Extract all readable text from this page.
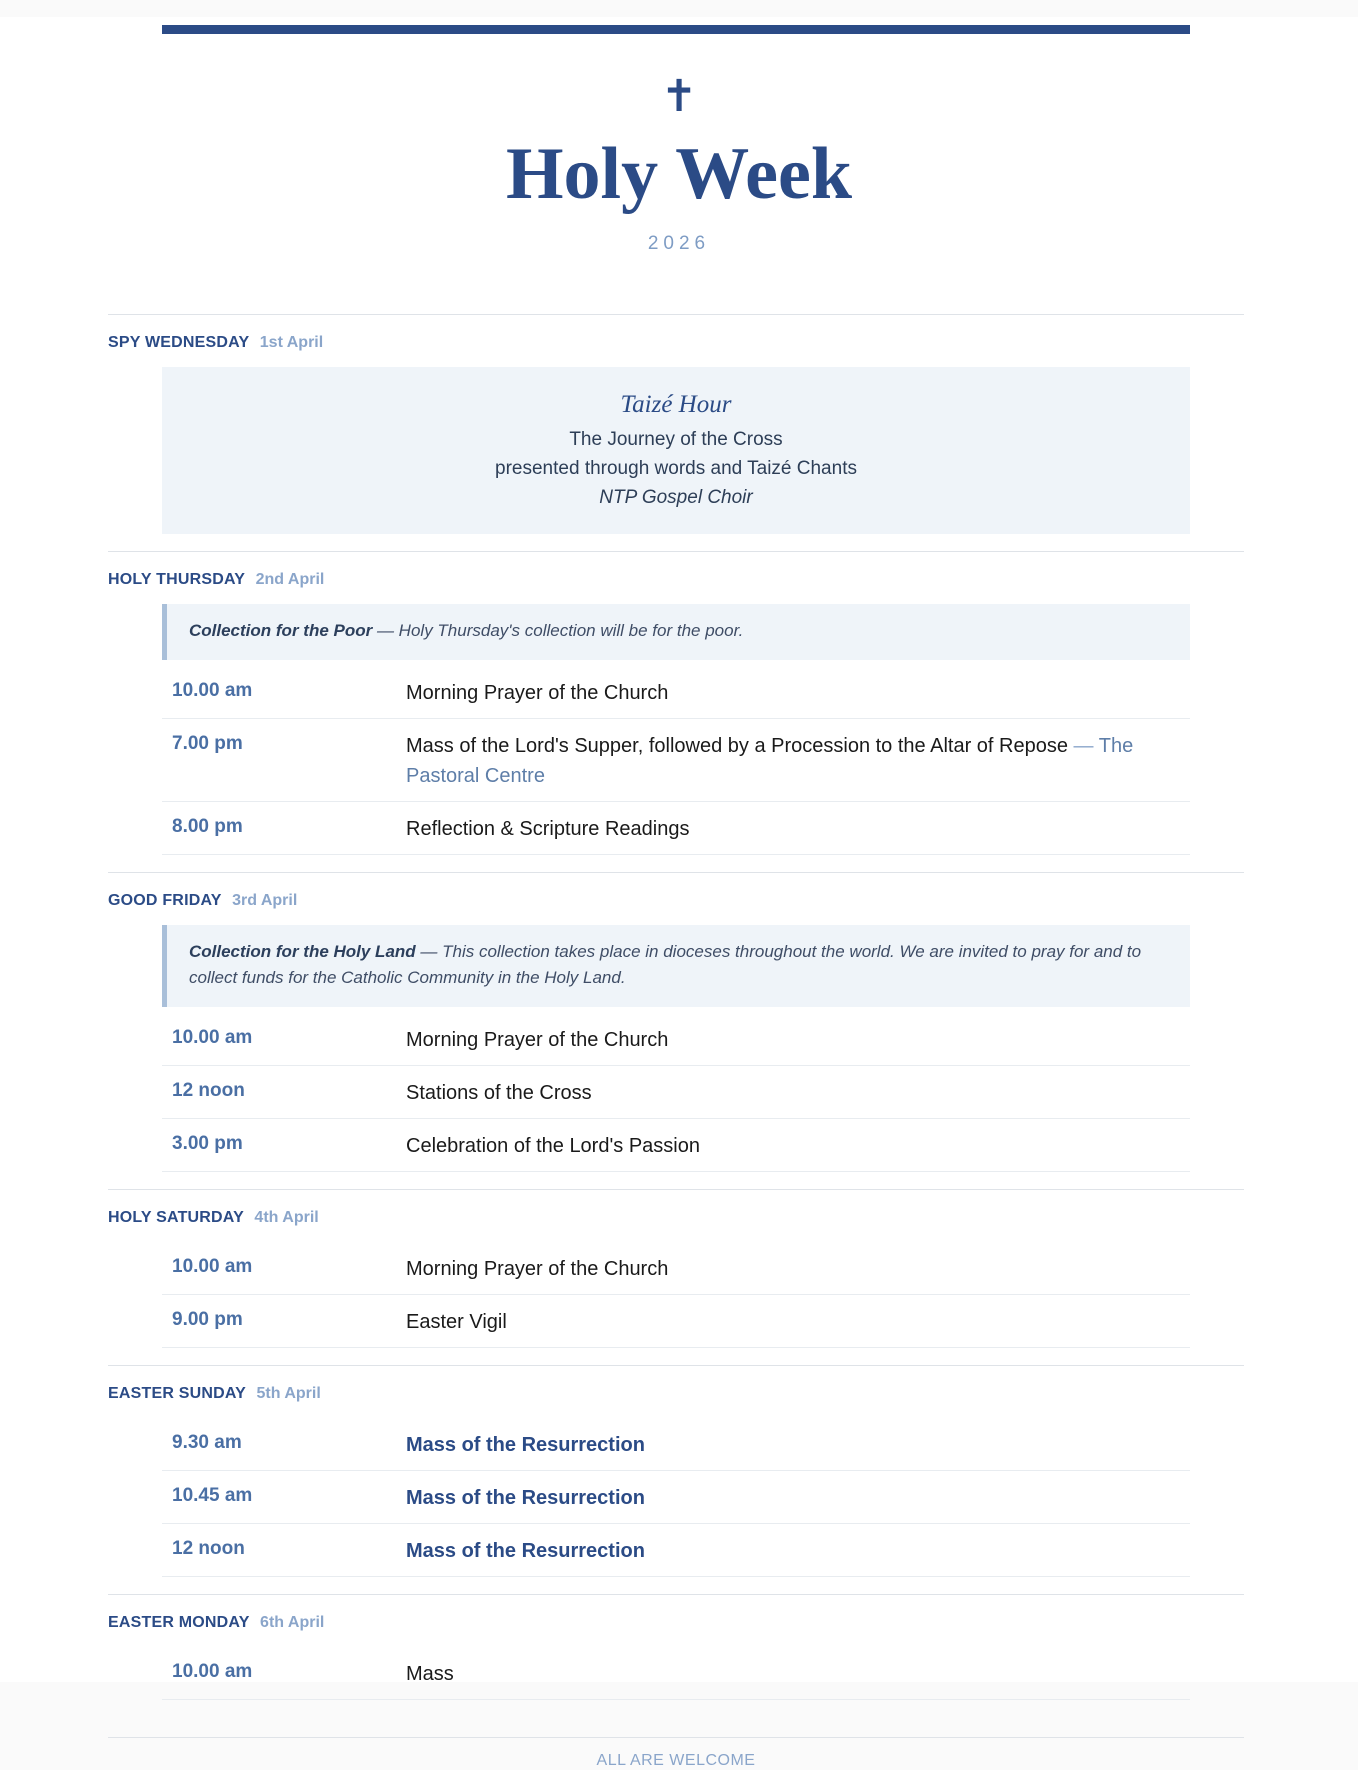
✝
Holy Week
2026
SPY WEDNESDAY 1st April
Taizé Hour
The Journey of the Cross
presented through words and Taizé Chants
NTP Gospel Choir
HOLY THURSDAY 2nd April
Collection for the Poor — Holy Thursday's collection will be for the poor.
10.00 am	Morning Prayer of the Church
7.00 pm	Mass of the Lord's Supper, followed by a Procession to the Altar of Repose — The Pastoral Centre
8.00 pm	Reflection & Scripture Readings
GOOD FRIDAY 3rd April
Collection for the Holy Land — This collection takes place in dioceses throughout the world. We are invited to pray for and to collect funds for the Catholic Community in the Holy Land.
10.00 am	Morning Prayer of the Church
12 noon	Stations of the Cross
3.00 pm	Celebration of the Lord's Passion
HOLY SATURDAY 4th April
10.00 am	Morning Prayer of the Church
9.00 pm	Easter Vigil
EASTER SUNDAY 5th April
9.30 am	Mass of the Resurrection
10.45 am	Mass of the Resurrection
12 noon	Mass of the Resurrection
EASTER MONDAY 6th April
10.00 am	Mass
ALL ARE WELCOME
